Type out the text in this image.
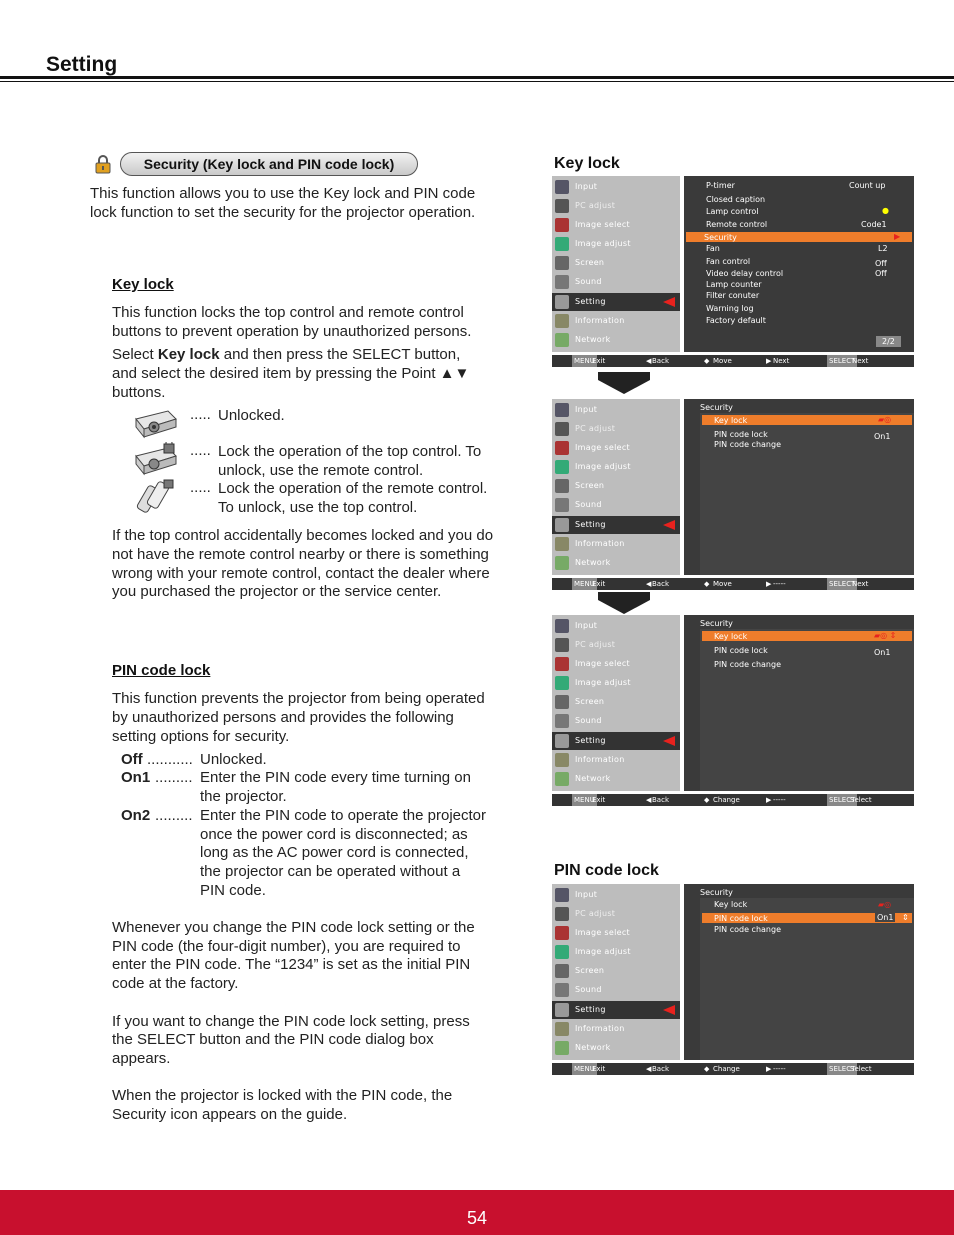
Setting
Security (Key lock and PIN code lock)
This function allows you to use the Key lock and PIN code
lock function to set the security for the projector operation.
Key lock
This function locks the top control and remote control
buttons to prevent operation by unauthorized persons.
Select Key lock and then press the SELECT button,
and select the desired item by pressing the Point ▲▼
buttons.
..... Unlocked.
..... Lock the operation of the top control. To
unlock, use the remote control.
..... Lock the operation of the remote control.
To unlock, use the top control.
If the top control accidentally becomes locked and you do
not have the remote control nearby or there is something
wrong with your remote control, contact the dealer where
you purchased the projector or the service center.
PIN code lock
This function prevents the projector from being operated
by unauthorized persons and provides the following
setting options for security.
Off ........... Unlocked.
On1 ......... Enter the PIN code every time turning on
the projector.
On2 ......... Enter the PIN code to operate the projector
once the power cord is disconnected; as
long as the AC power cord is connected,
the projector can be operated without a
PIN code.
Whenever you change the PIN code lock setting or the
PIN code (the four-digit number), you are required to
enter the PIN code. The “1234” is set as the initial PIN
code at the factory.
If you want to change the PIN code lock setting, press
the SELECT button and the PIN code dialog box
appears.
When the projector is locked with the PIN code, the
Security icon appears on the guide.
Key lock
PIN code lock
Input
PC adjust
Image select
Image adjust
Screen
Sound
Setting
Information
Network
P-timer	Count up
Closed caption
Lamp control	●
Remote control	Code1
Security	▶
Fan	L2
Fan control	Off
Video delay control	Off
Lamp counter
Filter conuter
Warning log
Factory default
2/2
MENU
Exit	◀ Back	◆ Move	▶ Next	SELECT
Next
Input
PC adjust
Image select
Image adjust
Screen
Sound
Setting
Information
Network
Security
Key lock	▰◎
PIN code lock	On1
PIN code change
MENU
Exit	◀ Back	◆ Move	▶ -----	SELECT
Next
Input
PC adjust
Image select
Image adjust
Screen
Sound
Setting
Information
Network
Security
Key lock	▰◎ ⇕
PIN code lock	On1
PIN code change
MENU
Exit	◀ Back	◆ Change	▶ -----	SELECT
Select
Input
PC adjust
Image select
Image adjust
Screen
Sound
Setting
Information
Network
Security
Key lock	▰◎
PIN code lock	On1 ⇕
PIN code change
MENU
Exit	◀ Back	◆ Change	▶ -----	SELECT
Select
54
